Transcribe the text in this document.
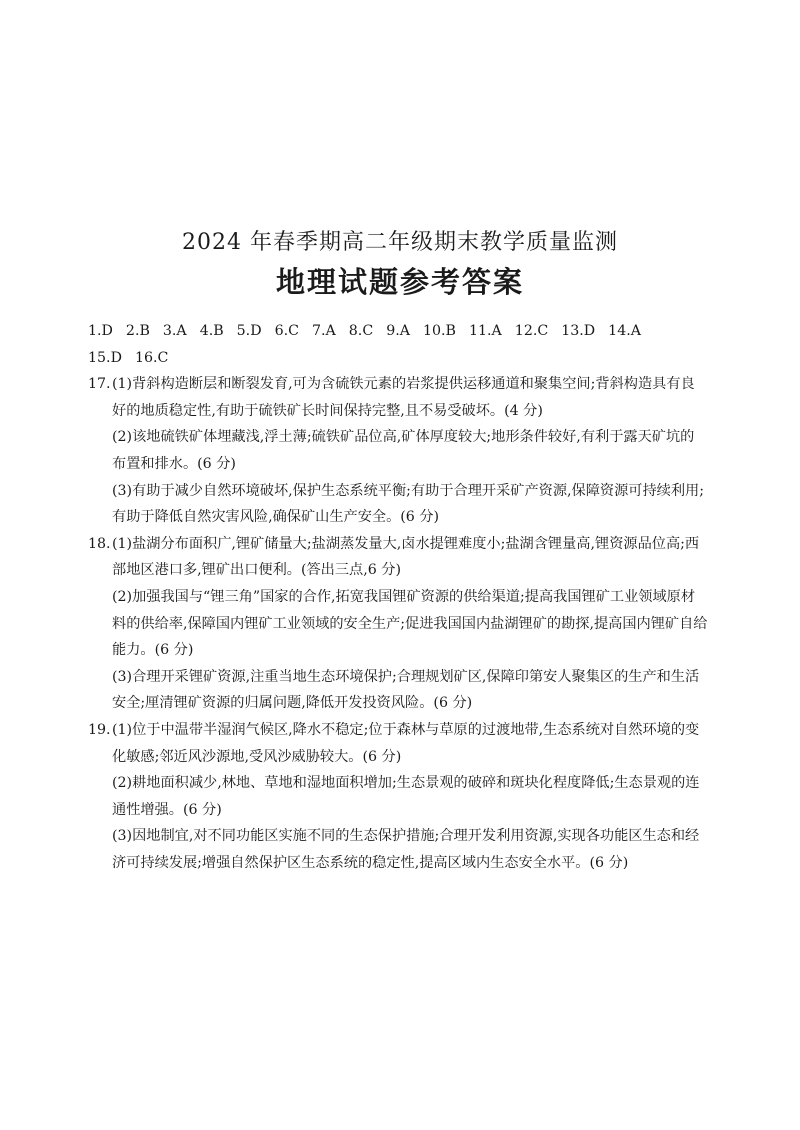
2024 年春季期高二年级期末教学质量监测
地理试题参考答案
1.D 2.B 3.A 4.B 5.D 6.C 7.A 8.C 9.A 10.B 11.A 12.C 13.D 14.A
15.D 16.C
17. (1)背斜构造断层和断裂发育,可为含硫铁元素的岩浆提供运移通道和聚集空间;背斜构造具有良好的地质稳定性,有助于硫铁矿长时间保持完整,且不易受破坏。(4 分)

(2)该地硫铁矿体埋藏浅,浮土薄;硫铁矿品位高,矿体厚度较大;地形条件较好,有利于露天矿坑的布置和排水。(6 分)

(3)有助于减少自然环境破坏,保护生态系统平衡;有助于合理开采矿产资源,保障资源可持续利用;有助于降低自然灾害风险,确保矿山生产安全。(6 分)

18. (1)盐湖分布面积广,锂矿储量大;盐湖蒸发量大,卤水提锂难度小;盐湖含锂量高,锂资源品位高;西部地区港口多,锂矿出口便利。(答出三点,6 分)

(2)加强我国与“锂三角”国家的合作,拓宽我国锂矿资源的供给渠道;提高我国锂矿工业领域原材料的供给率,保障国内锂矿工业领域的安全生产;促进我国国内盐湖锂矿的勘探,提高国内锂矿自给能力。(6 分)

(3)合理开采锂矿资源,注重当地生态环境保护;合理规划矿区,保障印第安人聚集区的生产和生活安全;厘清锂矿资源的归属问题,降低开发投资风险。(6 分)

19. (1)位于中温带半湿润气候区,降水不稳定;位于森林与草原的过渡地带,生态系统对自然环境的变化敏感;邻近风沙源地,受风沙威胁较大。(6 分)

(2)耕地面积减少,林地、草地和湿地面积增加;生态景观的破碎和斑块化程度降低;生态景观的连通性增强。(6 分)

(3)因地制宜,对不同功能区实施不同的生态保护措施;合理开发利用资源,实现各功能区生态和经济可持续发展;增强自然保护区生态系统的稳定性,提高区域内生态安全水平。(6 分)
